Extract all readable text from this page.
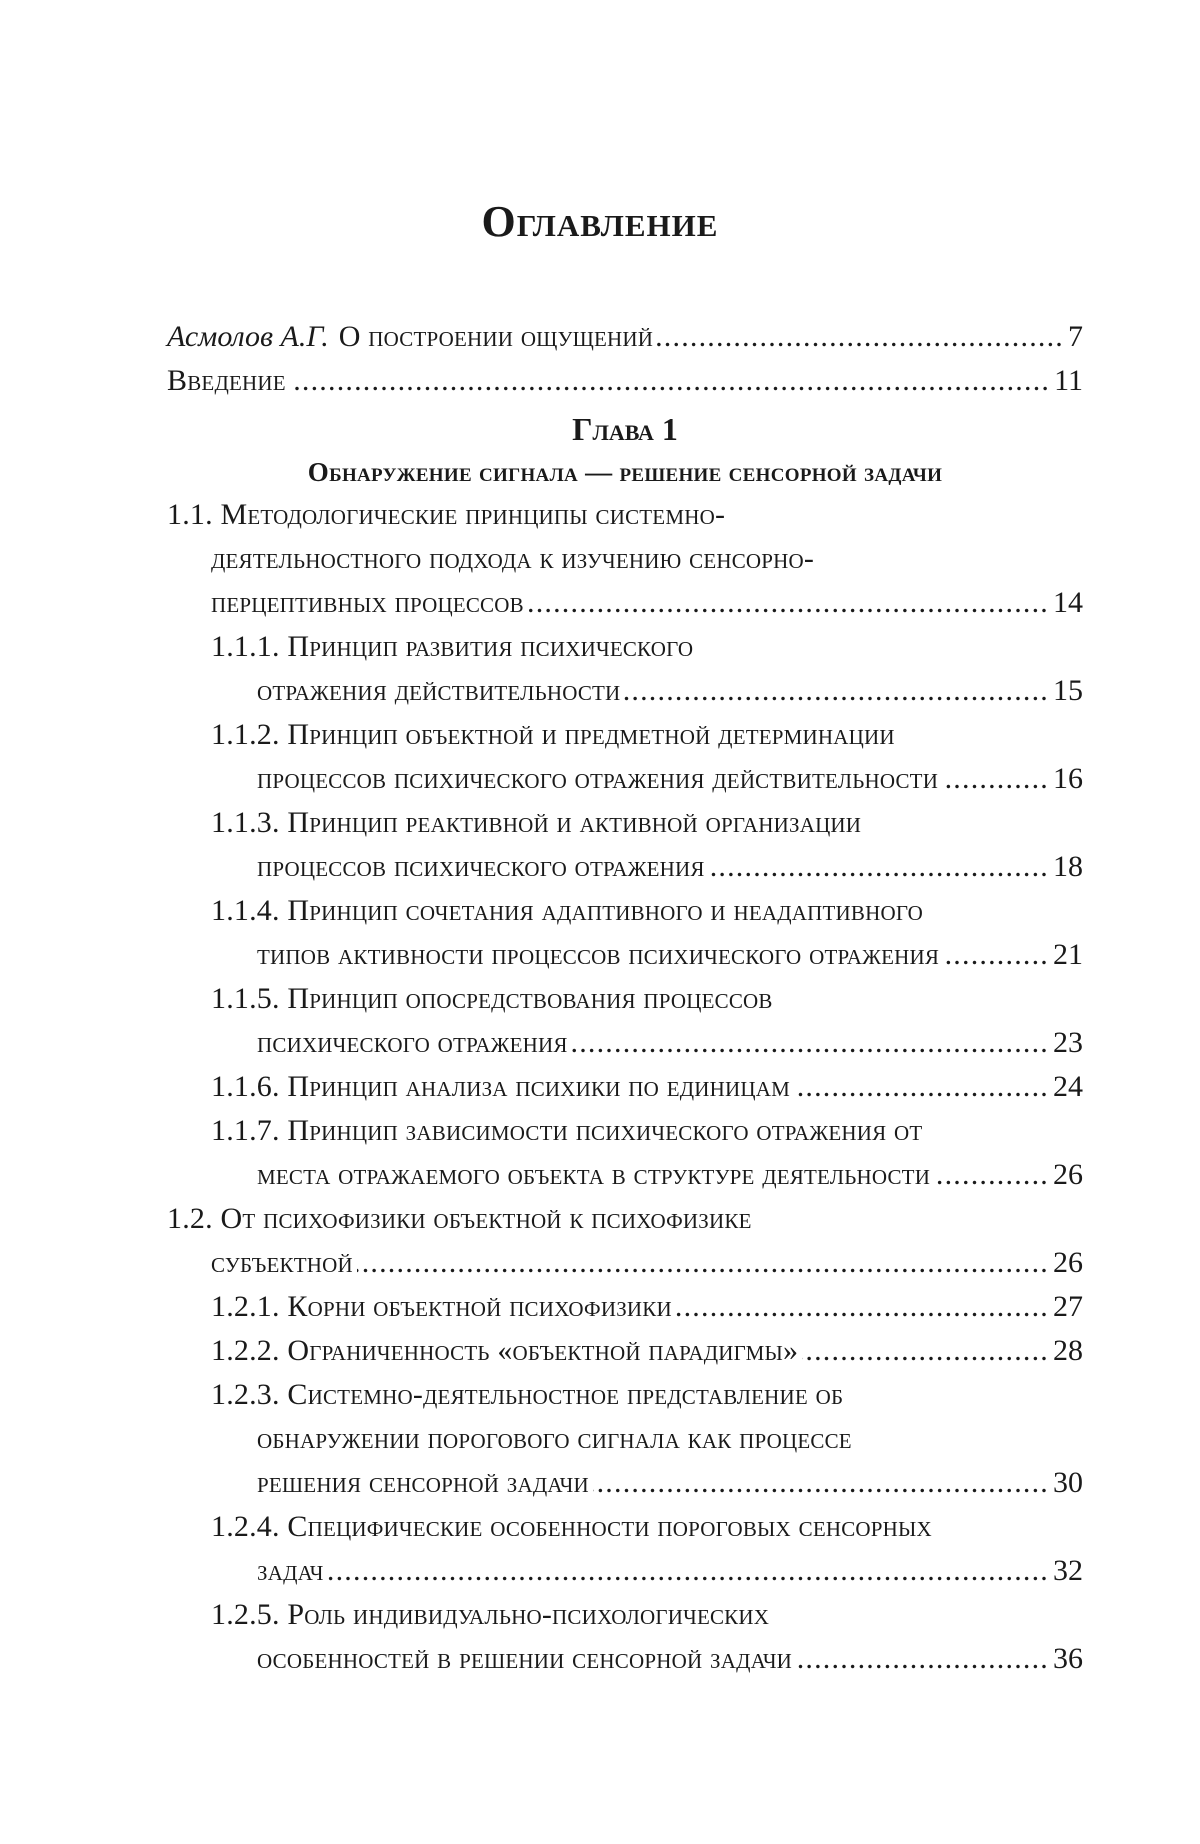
Оглавление
Асмолов А.Г. О построении ощущений .....	7
Введение .....	11
Глава 1
Обнаружение сигнала — решение сенсорной задачи
1.1. Методологические принципы системно-
деятельностного подхода к изучению сенсорно-
перцептивных процессов .....	14
1.1.1. Принцип развития психического
отражения действительности .....	15
1.1.2. Принцип объектной и предметной детерминации
процессов психического отражения действительности .....	16
1.1.3. Принцип реактивной и активной организации
процессов психического отражения .....	18
1.1.4. Принцип сочетания адаптивного и неадаптивного
типов активности процессов психического отражения .....	21
1.1.5. Принцип опосредствования процессов
психического отражения .....	23
1.1.6. Принцип анализа психики по единицам .....	24
1.1.7. Принцип зависимости психического отражения от
места отражаемого объекта в структуре деятельности .....	26
1.2. От психофизики объектной к психофизике
субъектной .....	26
1.2.1. Корни объектной психофизики .....	27
1.2.2. Ограниченность «объектной парадигмы» .....	28
1.2.3. Системно-деятельностное представление об
обнаружении порогового сигнала как процессе
решения сенсорной задачи .....	30
1.2.4. Специфические особенности пороговых сенсорных
задач .....	32
1.2.5. Роль индивидуально-психологических
особенностей в решении сенсорной задачи .....	36
